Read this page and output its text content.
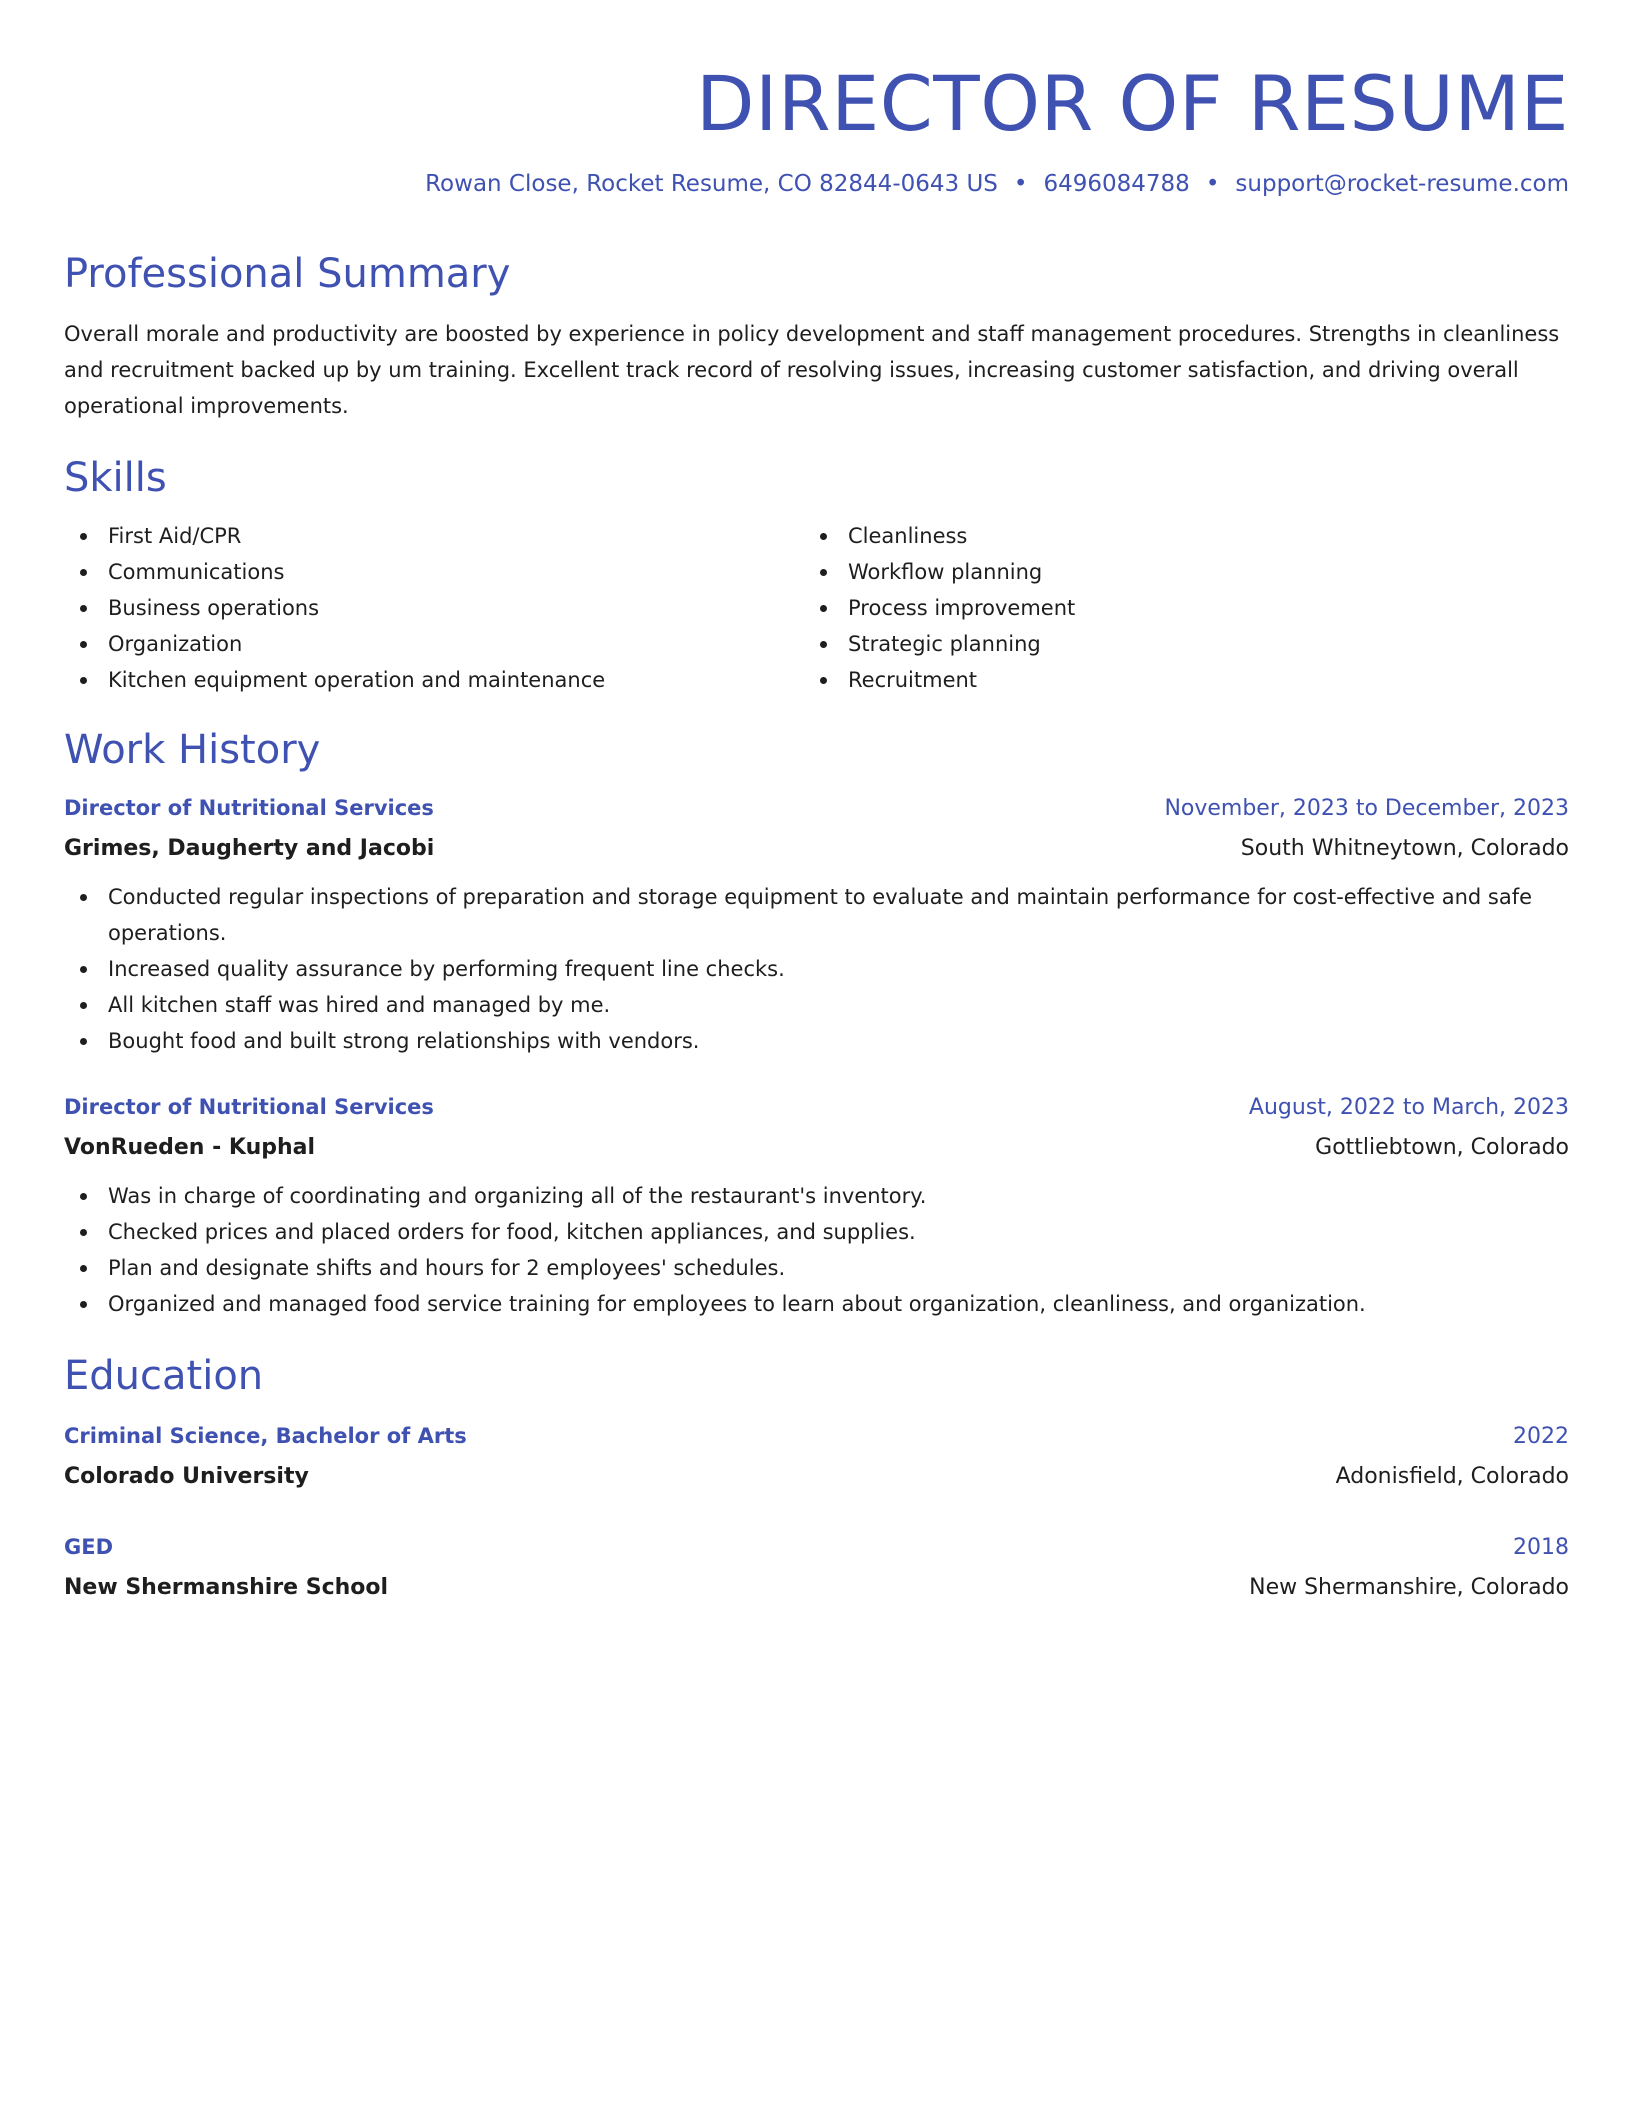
DIRECTOR OF RESUME
Rowan Close, Rocket Resume, CO 82844-0643 US • 6496084788 • support@rocket-resume.com
Professional Summary

Overall morale and productivity are boosted by experience in policy development and staff management procedures. Strengths in cleanliness and recruitment backed up by um training. Excellent track record of resolving issues, increasing customer satisfaction, and driving overall operational improvements.

Skills
First Aid/CPR
Communications
Business operations
Organization
Kitchen equipment operation and maintenance
Cleanliness
Workflow planning
Process improvement
Strategic planning
Recruitment
Work History
Director of Nutritional Services	November, 2023 to December, 2023
Grimes, Daugherty and Jacobi	South Whitneytown, Colorado
Conducted regular inspections of preparation and storage equipment to evaluate and maintain performance for cost-effective and safe operations.
Increased quality assurance by performing frequent line checks.
All kitchen staff was hired and managed by me.
Bought food and built strong relationships with vendors.
Director of Nutritional Services	August, 2022 to March, 2023
VonRueden - Kuphal	Gottliebtown, Colorado
Was in charge of coordinating and organizing all of the restaurant's inventory.
Checked prices and placed orders for food, kitchen appliances, and supplies.
Plan and designate shifts and hours for 2 employees' schedules.
Organized and managed food service training for employees to learn about organization, cleanliness, and organization.
Education
Criminal Science, Bachelor of Arts	2022
Colorado University	Adonisfield, Colorado
GED	2018
New Shermanshire School	New Shermanshire, Colorado
